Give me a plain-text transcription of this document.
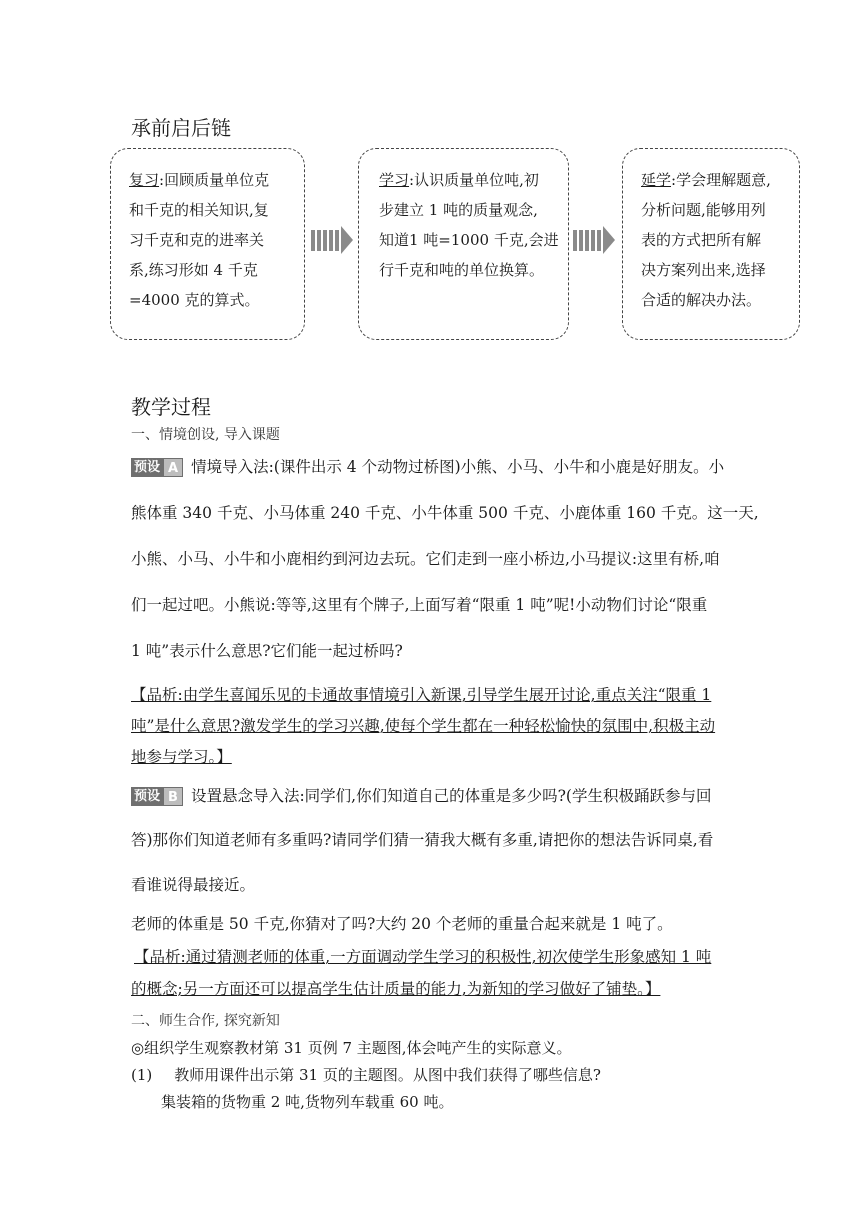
承前启后链
复习:回顾质量单位克
和千克的相关知识,复
习千克和克的进率关
系,练习形如 4 千克
=4000 克的算式。
学习:认识质量单位吨,初
步建立 1 吨的质量观念,
知道1 吨=1000 千克,会进
行千克和吨的单位换算。
延学:学会理解题意,
分析问题,能够用列
表的方式把所有解
决方案列出来,选择
合适的解决办法。
教学过程
一、情境创设, 导入课题
预设 A 情境导入法:(课件出示 4 个动物过桥图)小熊、小马、小牛和小鹿是好朋友。小
熊体重 340 千克、小马体重 240 千克、小牛体重 500 千克、小鹿体重 160 千克。这一天,
小熊、小马、小牛和小鹿相约到河边去玩。它们走到一座小桥边,小马提议:这里有桥,咱
们一起过吧。小熊说:等等,这里有个牌子,上面写着“限重 1 吨”呢!小动物们讨论“限重
1 吨”表示什么意思?它们能一起过桥吗?
【品析:由学生喜闻乐见的卡通故事情境引入新课,引导学生展开讨论,重点关注“限重 1
吨”是什么意思?激发学生的学习兴趣,使每个学生都在一种轻松愉快的氛围中,积极主动
地参与学习。】
预设 B 设置悬念导入法:同学们,你们知道自己的体重是多少吗?(学生积极踊跃参与回
答)那你们知道老师有多重吗?请同学们猜一猜我大概有多重,请把你的想法告诉同桌,看
看谁说得最接近。
老师的体重是 50 千克,你猜对了吗?大约 20 个老师的重量合起来就是 1 吨了。
【品析:通过猜测老师的体重,一方面调动学生学习的积极性,初次使学生形象感知 1 吨
的概念;另一方面还可以提高学生估计质量的能力,为新知的学习做好了铺垫。】
二、师生合作, 探究新知
◎组织学生观察教材第 31 页例 7 主题图,体会吨产生的实际意义。
(1) 教师用课件出示第 31 页的主题图。从图中我们获得了哪些信息?
集装箱的货物重 2 吨,货物列车载重 60 吨。
